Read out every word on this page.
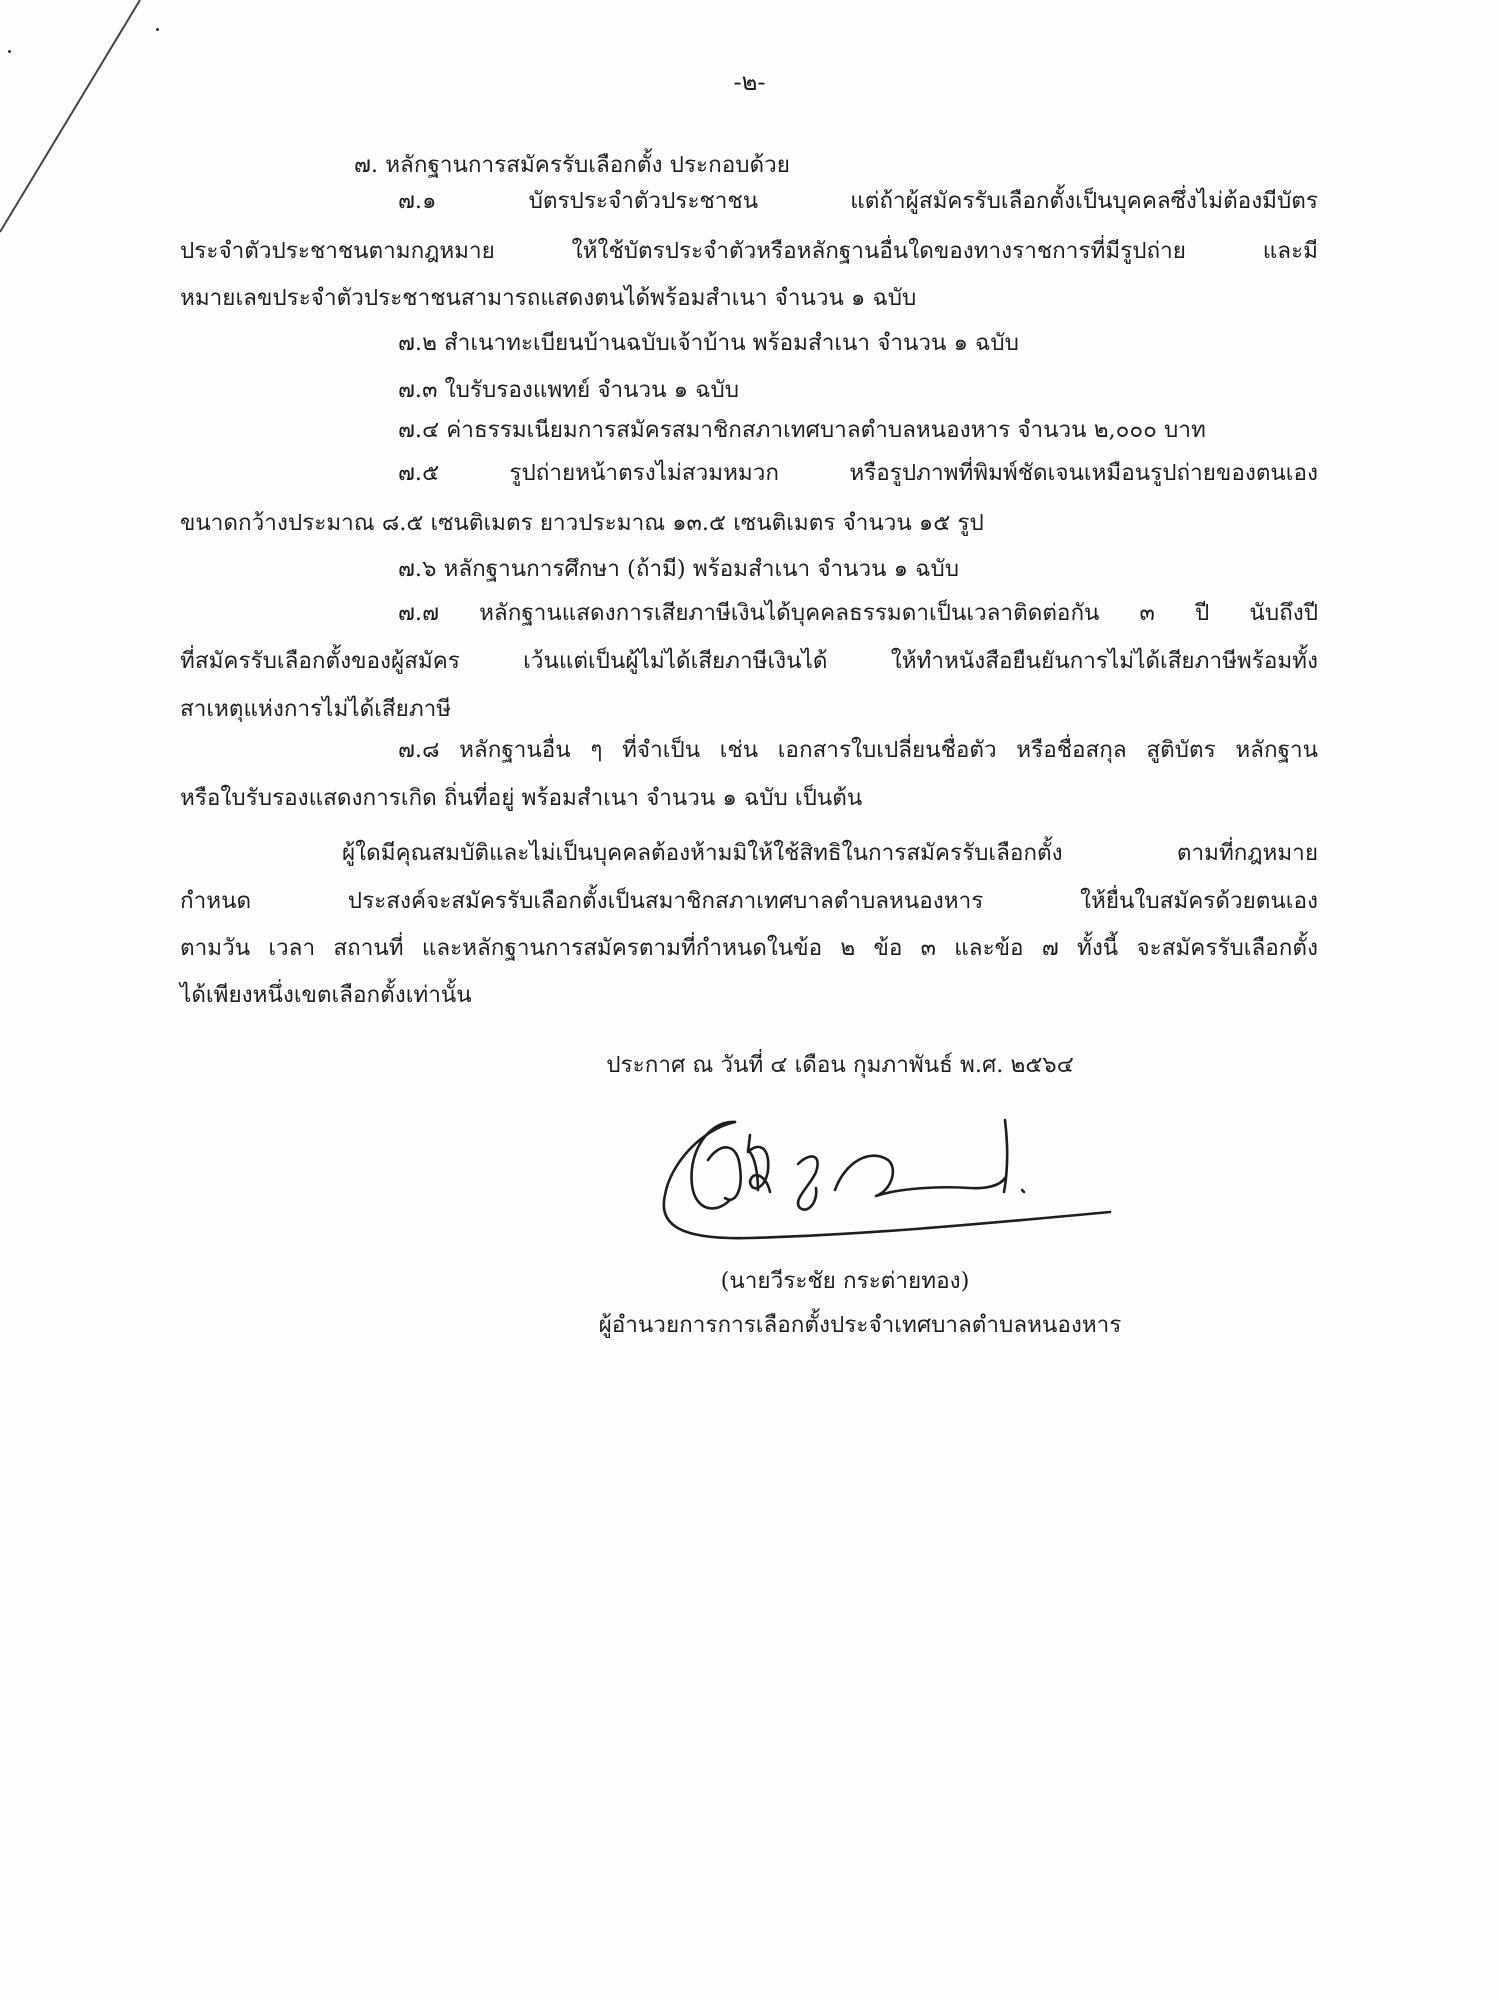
-๒-
๗. หลักฐานการสมัครรับเลือกตั้ง ประกอบด้วย
๗.๑ บัตรประจำตัวประชาชน แต่ถ้าผู้สมัครรับเลือกตั้งเป็นบุคคลซึ่งไม่ต้องมีบัตร
ประจำตัวประชาชนตามกฎหมาย ให้ใช้บัตรประจำตัวหรือหลักฐานอื่นใดของทางราชการที่มีรูปถ่าย และมี
หมายเลขประจำตัวประชาชนสามารถแสดงตนได้พร้อมสำเนา จำนวน ๑ ฉบับ
๗.๒ สำเนาทะเบียนบ้านฉบับเจ้าบ้าน พร้อมสำเนา จำนวน ๑ ฉบับ
๗.๓ ใบรับรองแพทย์ จำนวน ๑ ฉบับ
๗.๔ ค่าธรรมเนียมการสมัครสมาชิกสภาเทศบาลตำบลหนองหาร จำนวน ๒,๐๐๐ บาท
๗.๕ รูปถ่ายหน้าตรงไม่สวมหมวก หรือรูปภาพที่พิมพ์ชัดเจนเหมือนรูปถ่ายของตนเอง
ขนาดกว้างประมาณ ๘.๕ เซนติเมตร ยาวประมาณ ๑๓.๕ เซนติเมตร จำนวน ๑๕ รูป
๗.๖ หลักฐานการศึกษา (ถ้ามี) พร้อมสำเนา จำนวน ๑ ฉบับ
๗.๗ หลักฐานแสดงการเสียภาษีเงินได้บุคคลธรรมดาเป็นเวลาติดต่อกัน ๓ ปี นับถึงปี
ที่สมัครรับเลือกตั้งของผู้สมัคร เว้นแต่เป็นผู้ไม่ได้เสียภาษีเงินได้ ให้ทำหนังสือยืนยันการไม่ได้เสียภาษีพร้อมทั้ง
สาเหตุแห่งการไม่ได้เสียภาษี
๗.๘ หลักฐานอื่น ๆ ที่จำเป็น เช่น เอกสารใบเปลี่ยนชื่อตัว หรือชื่อสกุล สูติบัตร หลักฐาน
หรือใบรับรองแสดงการเกิด ถิ่นที่อยู่ พร้อมสำเนา จำนวน ๑ ฉบับ เป็นต้น
ผู้ใดมีคุณสมบัติและไม่เป็นบุคคลต้องห้ามมิให้ใช้สิทธิในการสมัครรับเลือกตั้ง ตามที่กฎหมาย
กำหนด ประสงค์จะสมัครรับเลือกตั้งเป็นสมาชิกสภาเทศบาลตำบลหนองหาร ให้ยื่นใบสมัครด้วยตนเอง
ตามวัน เวลา สถานที่ และหลักฐานการสมัครตามที่กำหนดในข้อ ๒ ข้อ ๓ และข้อ ๗ ทั้งนี้ จะสมัครรับเลือกตั้ง
ได้เพียงหนึ่งเขตเลือกตั้งเท่านั้น
ประกาศ ณ วันที่ ๔ เดือน กุมภาพันธ์ พ.ศ. ๒๕๖๔
(นายวีระชัย กระต่ายทอง)
ผู้อำนวยการการเลือกตั้งประจำเทศบาลตำบลหนองหาร
